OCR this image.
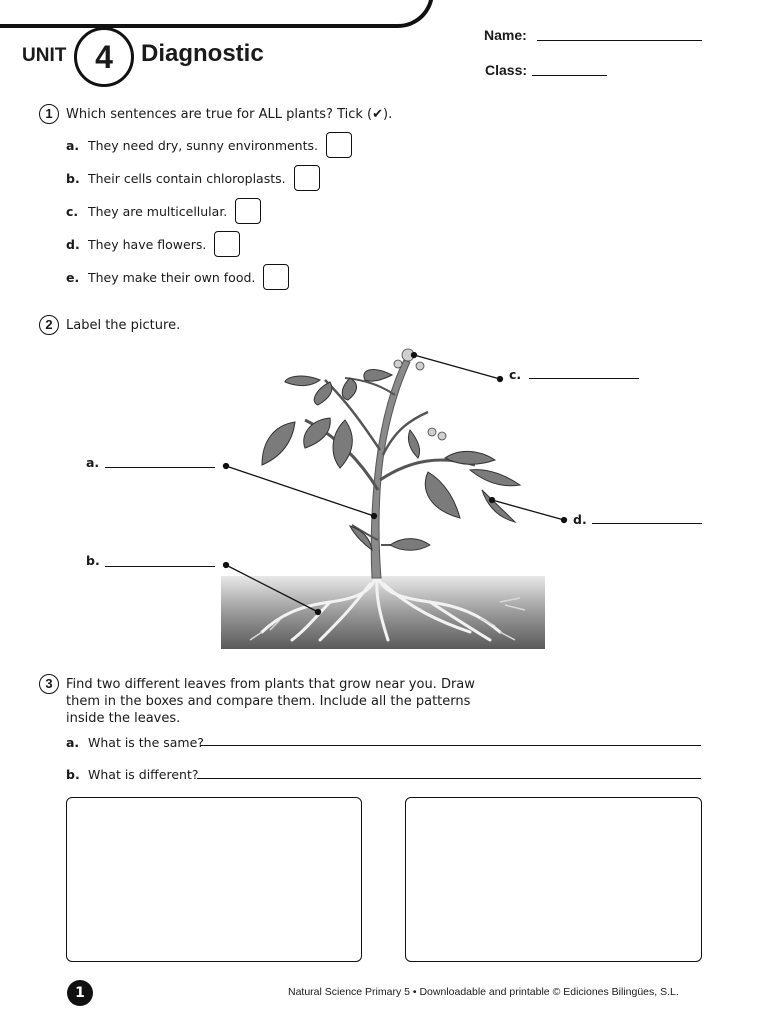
UNIT 4	Diagnostic
Name:
Class:
1	Which sentences are true for ALL plants? Tick (✔).
a. They need dry, sunny environments.
b. Their cells contain chloroplasts.
c. They are multicellular.
d. They have flowers.
e. They make their own food.
2	Label the picture.
a.
b.
c.
d.
3	Find two different leaves from plants that grow near you. Draw
them in the boxes and compare them. Include all the patterns
inside the leaves.
a. What is the same?
b. What is different?
1	Natural Science Primary 5 • Downloadable and printable © Ediciones Bilingües, S.L.
